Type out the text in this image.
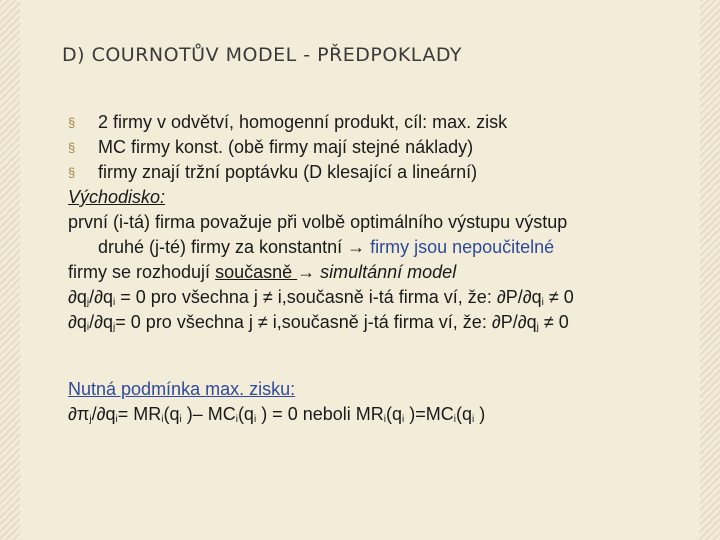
D) COURNOTŮV MODEL - PŘEDPOKLADY
§ 2 firmy v odvětví, homogenní produkt, cíl: max. zisk
§ MC firmy konst. (obě firmy mají stejné náklady)
§ firmy znají tržní poptávku (D klesající a lineární)
Východisko:
první (i-tá) firma považuje při volbě optimálního výstupu výstup
druhé (j-té) firmy za konstantní → firmy jsou nepoučitelné
firmy se rozhodují současně → simultánní model
$\partial q_j/\partial q_i = 0$ pro všechna j ≠ i,současně i-tá firma ví, že: $\partial P/\partial q_i \ne 0$
$\partial q_i/\partial q_j= 0$ pro všechna j ≠ i,současně j-tá firma ví, že: $\partial P/\partial q_j \ne 0$
Nutná podmínka max. zisku:
$\partial\pi_j/\partial q_i= MR_i(q_i$ )– $MC_i(q_i$ ) = 0 neboli $MR_i(q_i$ )$=MC_i(q_i$ )
